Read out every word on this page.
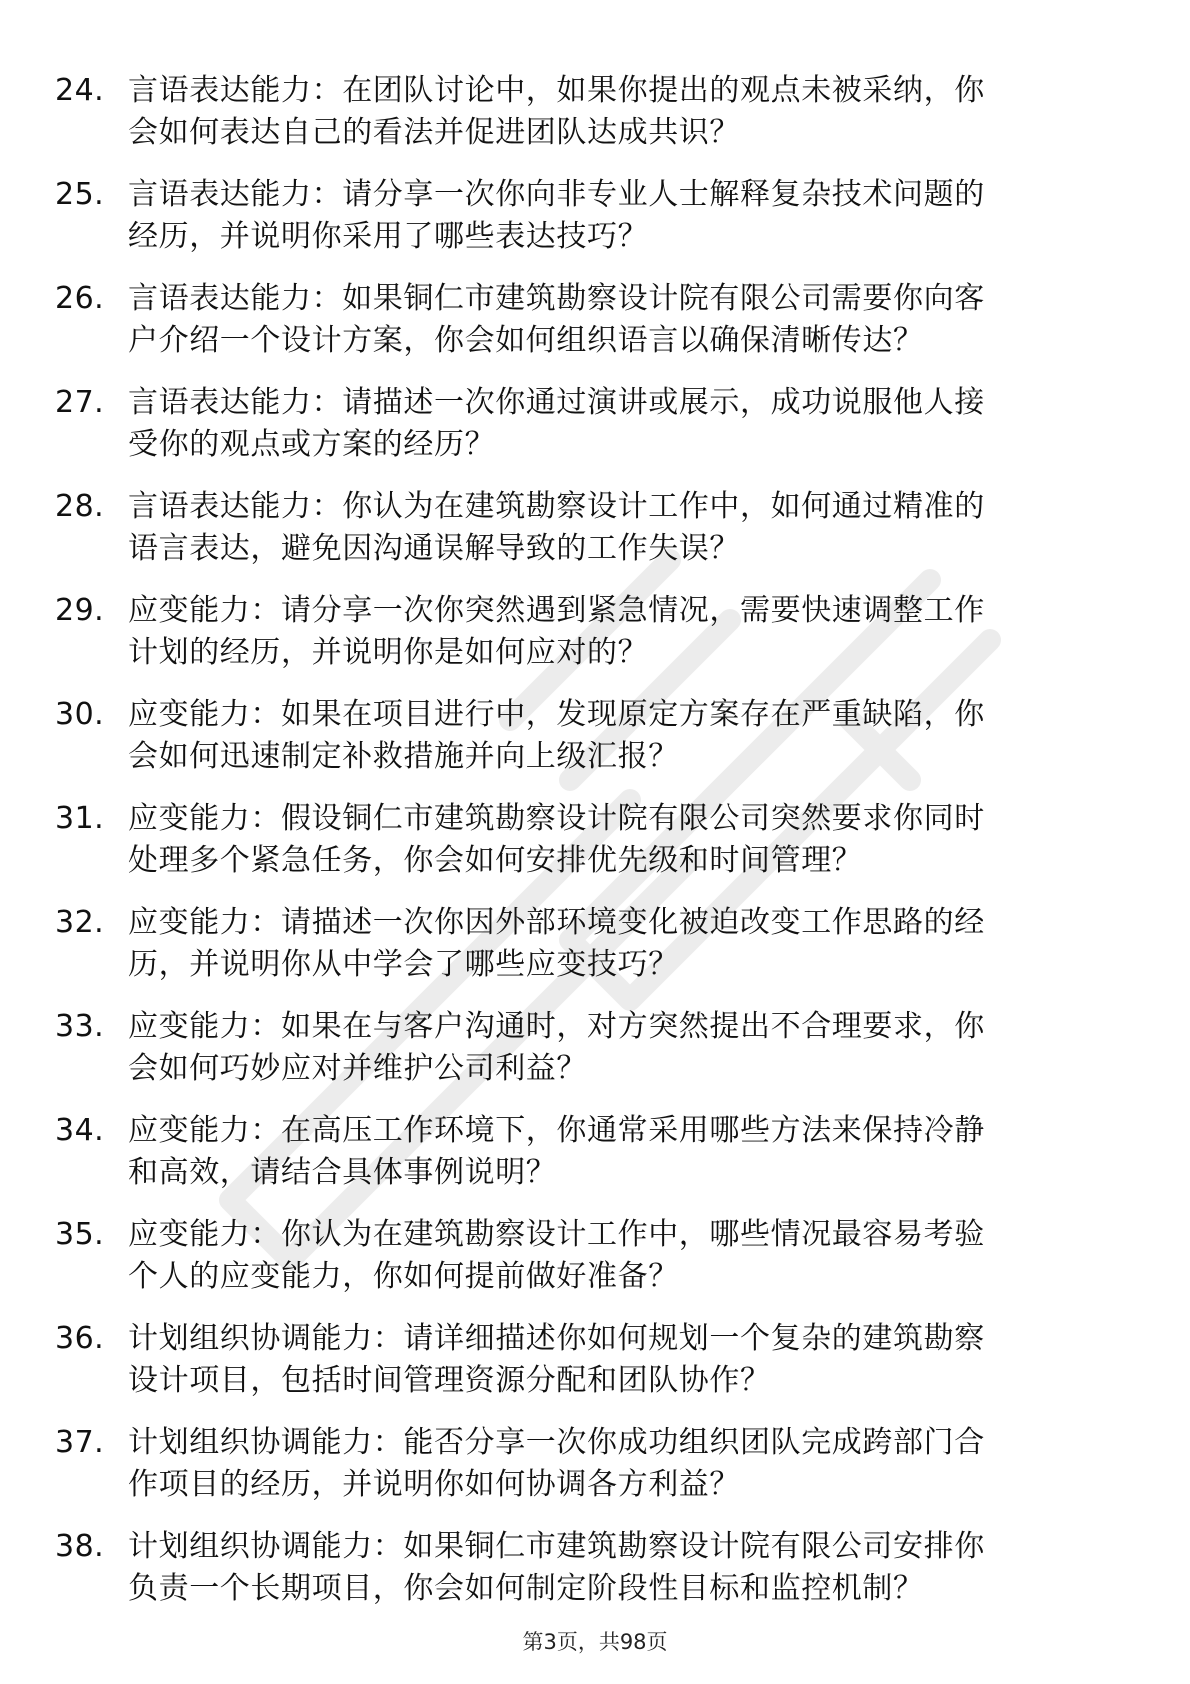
24. 言语表达能力：在团队讨论中，如果你提出的观点未被采纳，你
会如何表达自己的看法并促进团队达成共识？

25. 言语表达能力：请分享一次你向非专业人士解释复杂技术问题的
经历，并说明你采用了哪些表达技巧？

26. 言语表达能力：如果铜仁市建筑勘察设计院有限公司需要你向客
户介绍一个设计方案，你会如何组织语言以确保清晰传达？

27. 言语表达能力：请描述一次你通过演讲或展示，成功说服他人接
受你的观点或方案的经历？

28. 言语表达能力：你认为在建筑勘察设计工作中，如何通过精准的
语言表达，避免因沟通误解导致的工作失误？

29. 应变能力：请分享一次你突然遇到紧急情况，需要快速调整工作
计划的经历，并说明你是如何应对的？

30. 应变能力：如果在项目进行中，发现原定方案存在严重缺陷，你
会如何迅速制定补救措施并向上级汇报？

31. 应变能力：假设铜仁市建筑勘察设计院有限公司突然要求你同时
处理多个紧急任务，你会如何安排优先级和时间管理？

32. 应变能力：请描述一次你因外部环境变化被迫改变工作思路的经
历，并说明你从中学会了哪些应变技巧？

33. 应变能力：如果在与客户沟通时，对方突然提出不合理要求，你
会如何巧妙应对并维护公司利益？

34. 应变能力：在高压工作环境下，你通常采用哪些方法来保持冷静
和高效，请结合具体事例说明？

35. 应变能力：你认为在建筑勘察设计工作中，哪些情况最容易考验
个人的应变能力，你如何提前做好准备？

36. 计划组织协调能力：请详细描述你如何规划一个复杂的建筑勘察
设计项目，包括时间管理资源分配和团队协作？

37. 计划组织协调能力：能否分享一次你成功组织团队完成跨部门合
作项目的经历，并说明你如何协调各方利益？

38. 计划组织协调能力：如果铜仁市建筑勘察设计院有限公司安排你
负责一个长期项目，你会如何制定阶段性目标和监控机制？

第3页，共98页
